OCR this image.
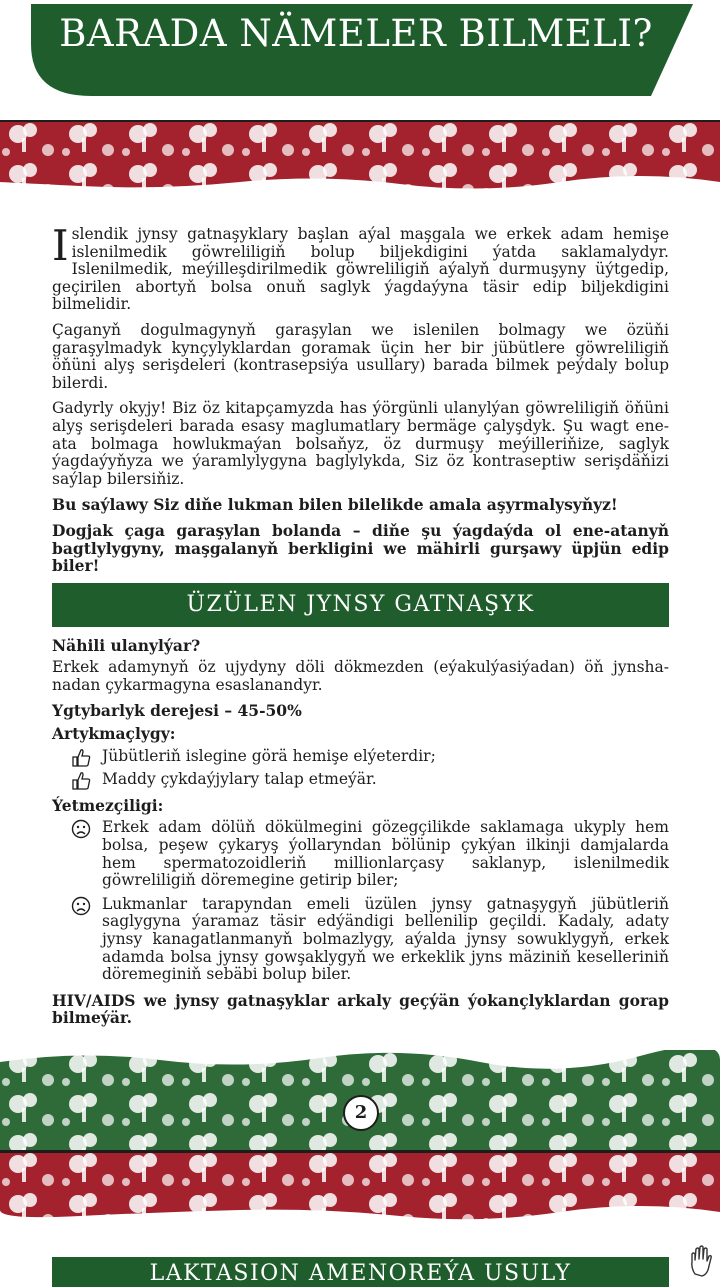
BARADA NÄMELER BILMELI?

Islendik jynsy gatnaşyklary başlan aýal maşgala we erkek adam hemişe islenilmedik göwreliligiň bolup biljekdigini ýatda saklamalydyr. Islenilmedik, meýilleşdirilmedik göwreliligiň aýalyň durmuşyny üýtgedip, geçirilen abortyň bolsa onuň saglyk ýagdaýyna täsir edip biljekdigini bilmelidir.

Çaganyň dogulmagynyň garaşylan we islenilen bolmagy we özüňi garaşylmadyk kynçylyklardan goramak üçin her bir jübütlere göwreliligiň öňüni alyş serişdeleri (kontrasepsiýa usullary) barada bilmek peýdaly bolup bilerdi.

Gadyrly okyjy! Biz öz kitapçamyzda has ýörgünli ulanylýan göwreliligiň öňüni alyş serişdeleri barada esasy maglumatlary bermäge çalyşdyk. Şu wagt ene-ata bolmaga howlukmaýan bolsaňyz, öz durmuşy meýilleriňize, saglyk ýagdaýyňyza we ýaramlylygyna baglylykda, Siz öz kontraseptiw serişdäňizi saýlap bilersiňiz.

Bu saýlawy Siz diňe lukman bilen bilelikde amala aşyrmalysyňyz!

Dogjak çaga garaşylan bolanda – diňe şu ýagdaýda ol ene-atanyň bagtlylygyny, maşgalanyň berkligini we mähirli gurşawy üpjün edip biler!

ÜZÜLEN JYNSY GATNAŞYK
Nähili ulanylýar?

Erkek adamynyň öz ujydyny döli dökmezden (eýakulýasiýadan) öň jynsha-nadan çykarmagyna esaslanandyr.

Ygtybarlyk derejesi – 45-50%
Artykmaçlygy:
Jübütleriň islegine görä hemişe elýeterdir;
Maddy çykdaýjylary talap etmeýär.
Ýetmezçiligi:
Erkek adam dölüň dökülmegini gözegçilikde saklamaga ukyply hem bolsa, peşew çykaryş ýollaryndan bölünip çykýan ilkinji damjalarda hem spermatozoidleriň millionlarçasy saklanyp, islenilmedik göwreliligiň döremegine getirip biler;
Lukmanlar tarapyndan emeli üzülen jynsy gatnaşygyň jübütleriň saglygyna ýaramaz täsir edýändigi bellenilip geçildi. Kadaly, adaty jynsy kanagatlanmanyň bolmazlygy, aýalda jynsy sowuklygyň, erkek adamda bolsa jynsy gowşaklygyň we erkeklik jyns mäziniň keselleriniň döremeginiň sebäbi bolup biler.

HIV/AIDS we jynsy gatnaşyklar arkaly geçýän ýokançlyklardan gorap bilmeýär.

2
LAKTASION AMENOREÝA USULY
